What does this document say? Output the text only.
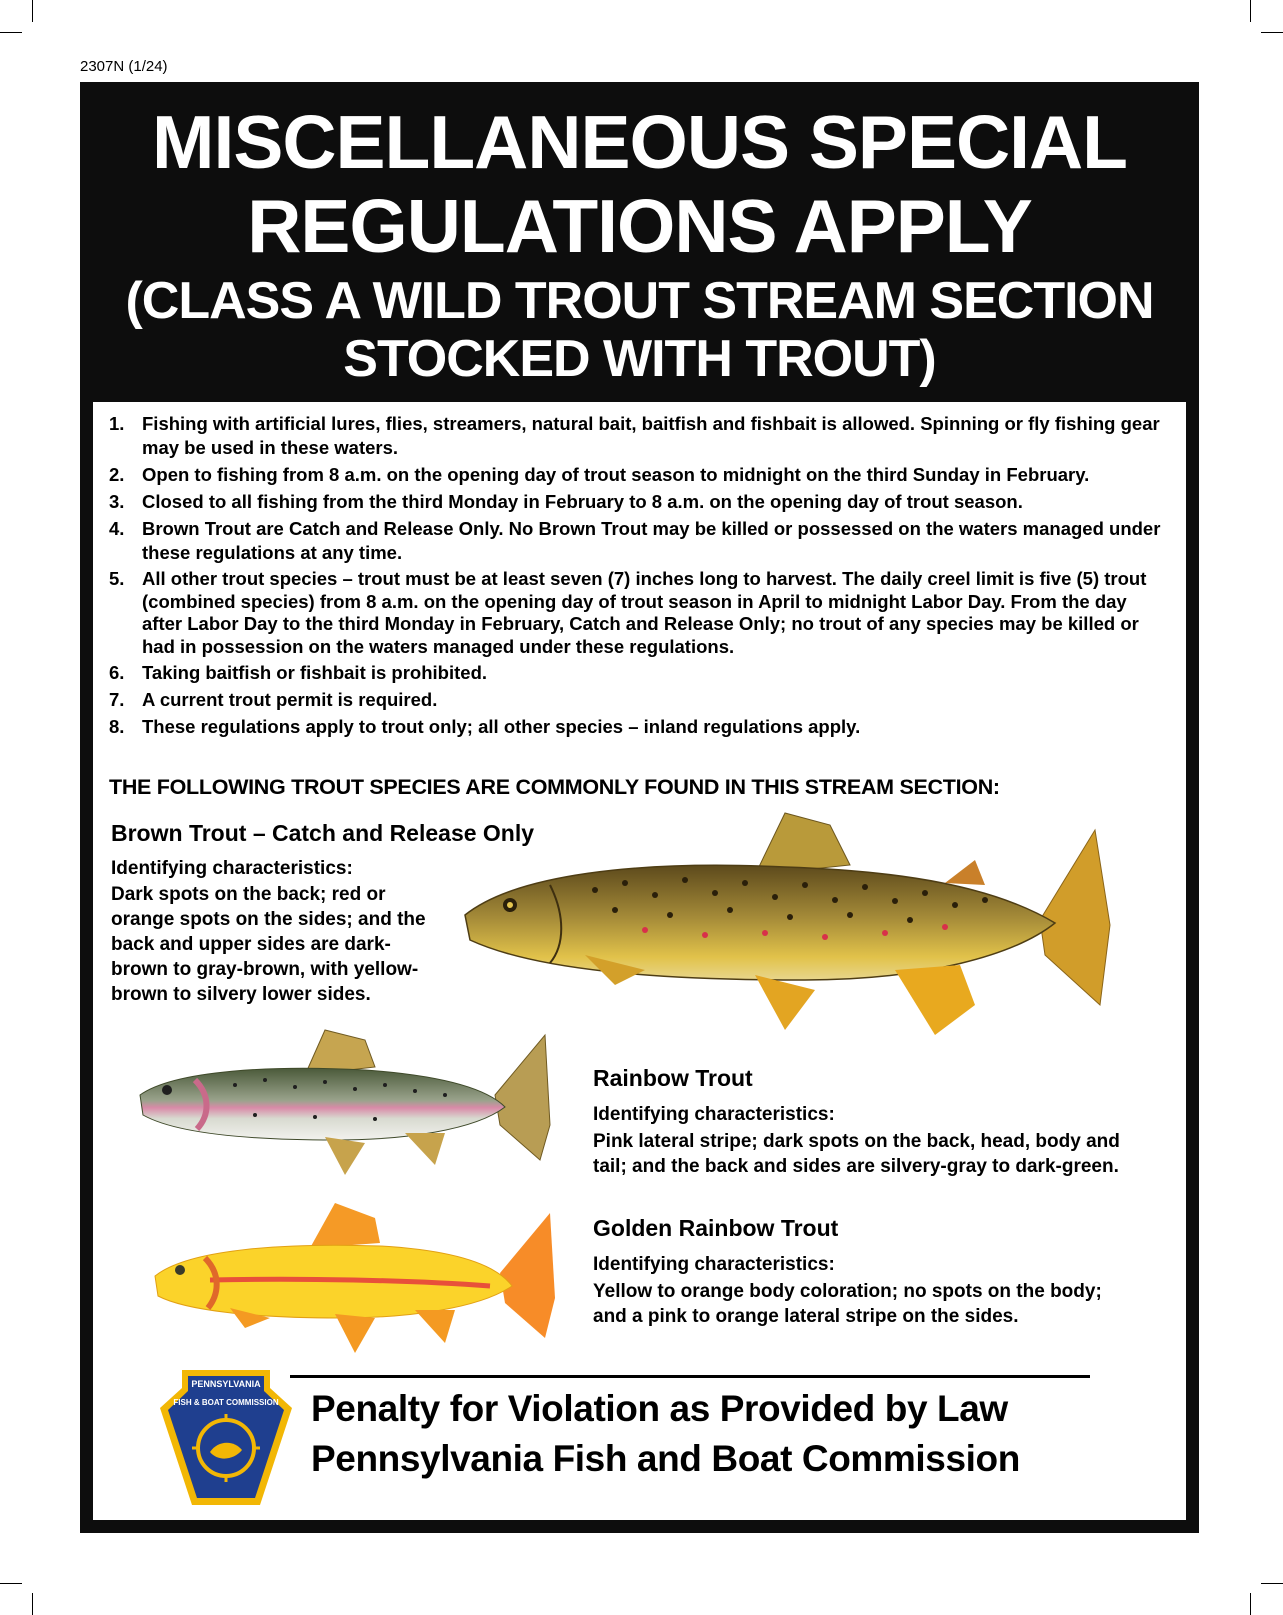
2307N (1/24)
MISCELLANEOUS SPECIAL
REGULATIONS APPLY
(CLASS A WILD TROUT STREAM SECTION
STOCKED WITH TROUT)
1. Fishing with artificial lures, flies, streamers, natural bait, baitfish and fishbait is allowed. Spinning or fly fishing gear may be used in these waters.
2. Open to fishing from 8 a.m. on the opening day of trout season to midnight on the third Sunday in February.
3. Closed to all fishing from the third Monday in February to 8 a.m. on the opening day of trout season.
4. Brown Trout are Catch and Release Only. No Brown Trout may be killed or possessed on the waters managed under these regulations at any time.
5. All other trout species – trout must be at least seven (7) inches long to harvest. The daily creel limit is five (5) trout (combined species) from 8 a.m. on the opening day of trout season in April to midnight Labor Day. From the day after Labor Day to the third Monday in February, Catch and Release Only; no trout of any species may be killed or had in possession on the waters managed under these regulations.
6. Taking baitfish or fishbait is prohibited.
7. A current trout permit is required.
8. These regulations apply to trout only; all other species – inland regulations apply.
THE FOLLOWING TROUT SPECIES ARE COMMONLY FOUND IN THIS STREAM SECTION:
Brown Trout – Catch and Release Only
Identifying characteristics:
Dark spots on the back; red or orange spots on the sides; and the back and upper sides are dark-brown to gray-brown, with yellow-brown to silvery lower sides.
Rainbow Trout
Identifying characteristics:
Pink lateral stripe; dark spots on the back, head, body and tail; and the back and sides are silvery-gray to dark-green.
Golden Rainbow Trout
Identifying characteristics:
Yellow to orange body coloration; no spots on the body; and a pink to orange lateral stripe on the sides.
PENNSYLVANIA
FISH & BOAT COMMISSION Penalty for Violation as Provided by Law
Pennsylvania Fish and Boat Commission
